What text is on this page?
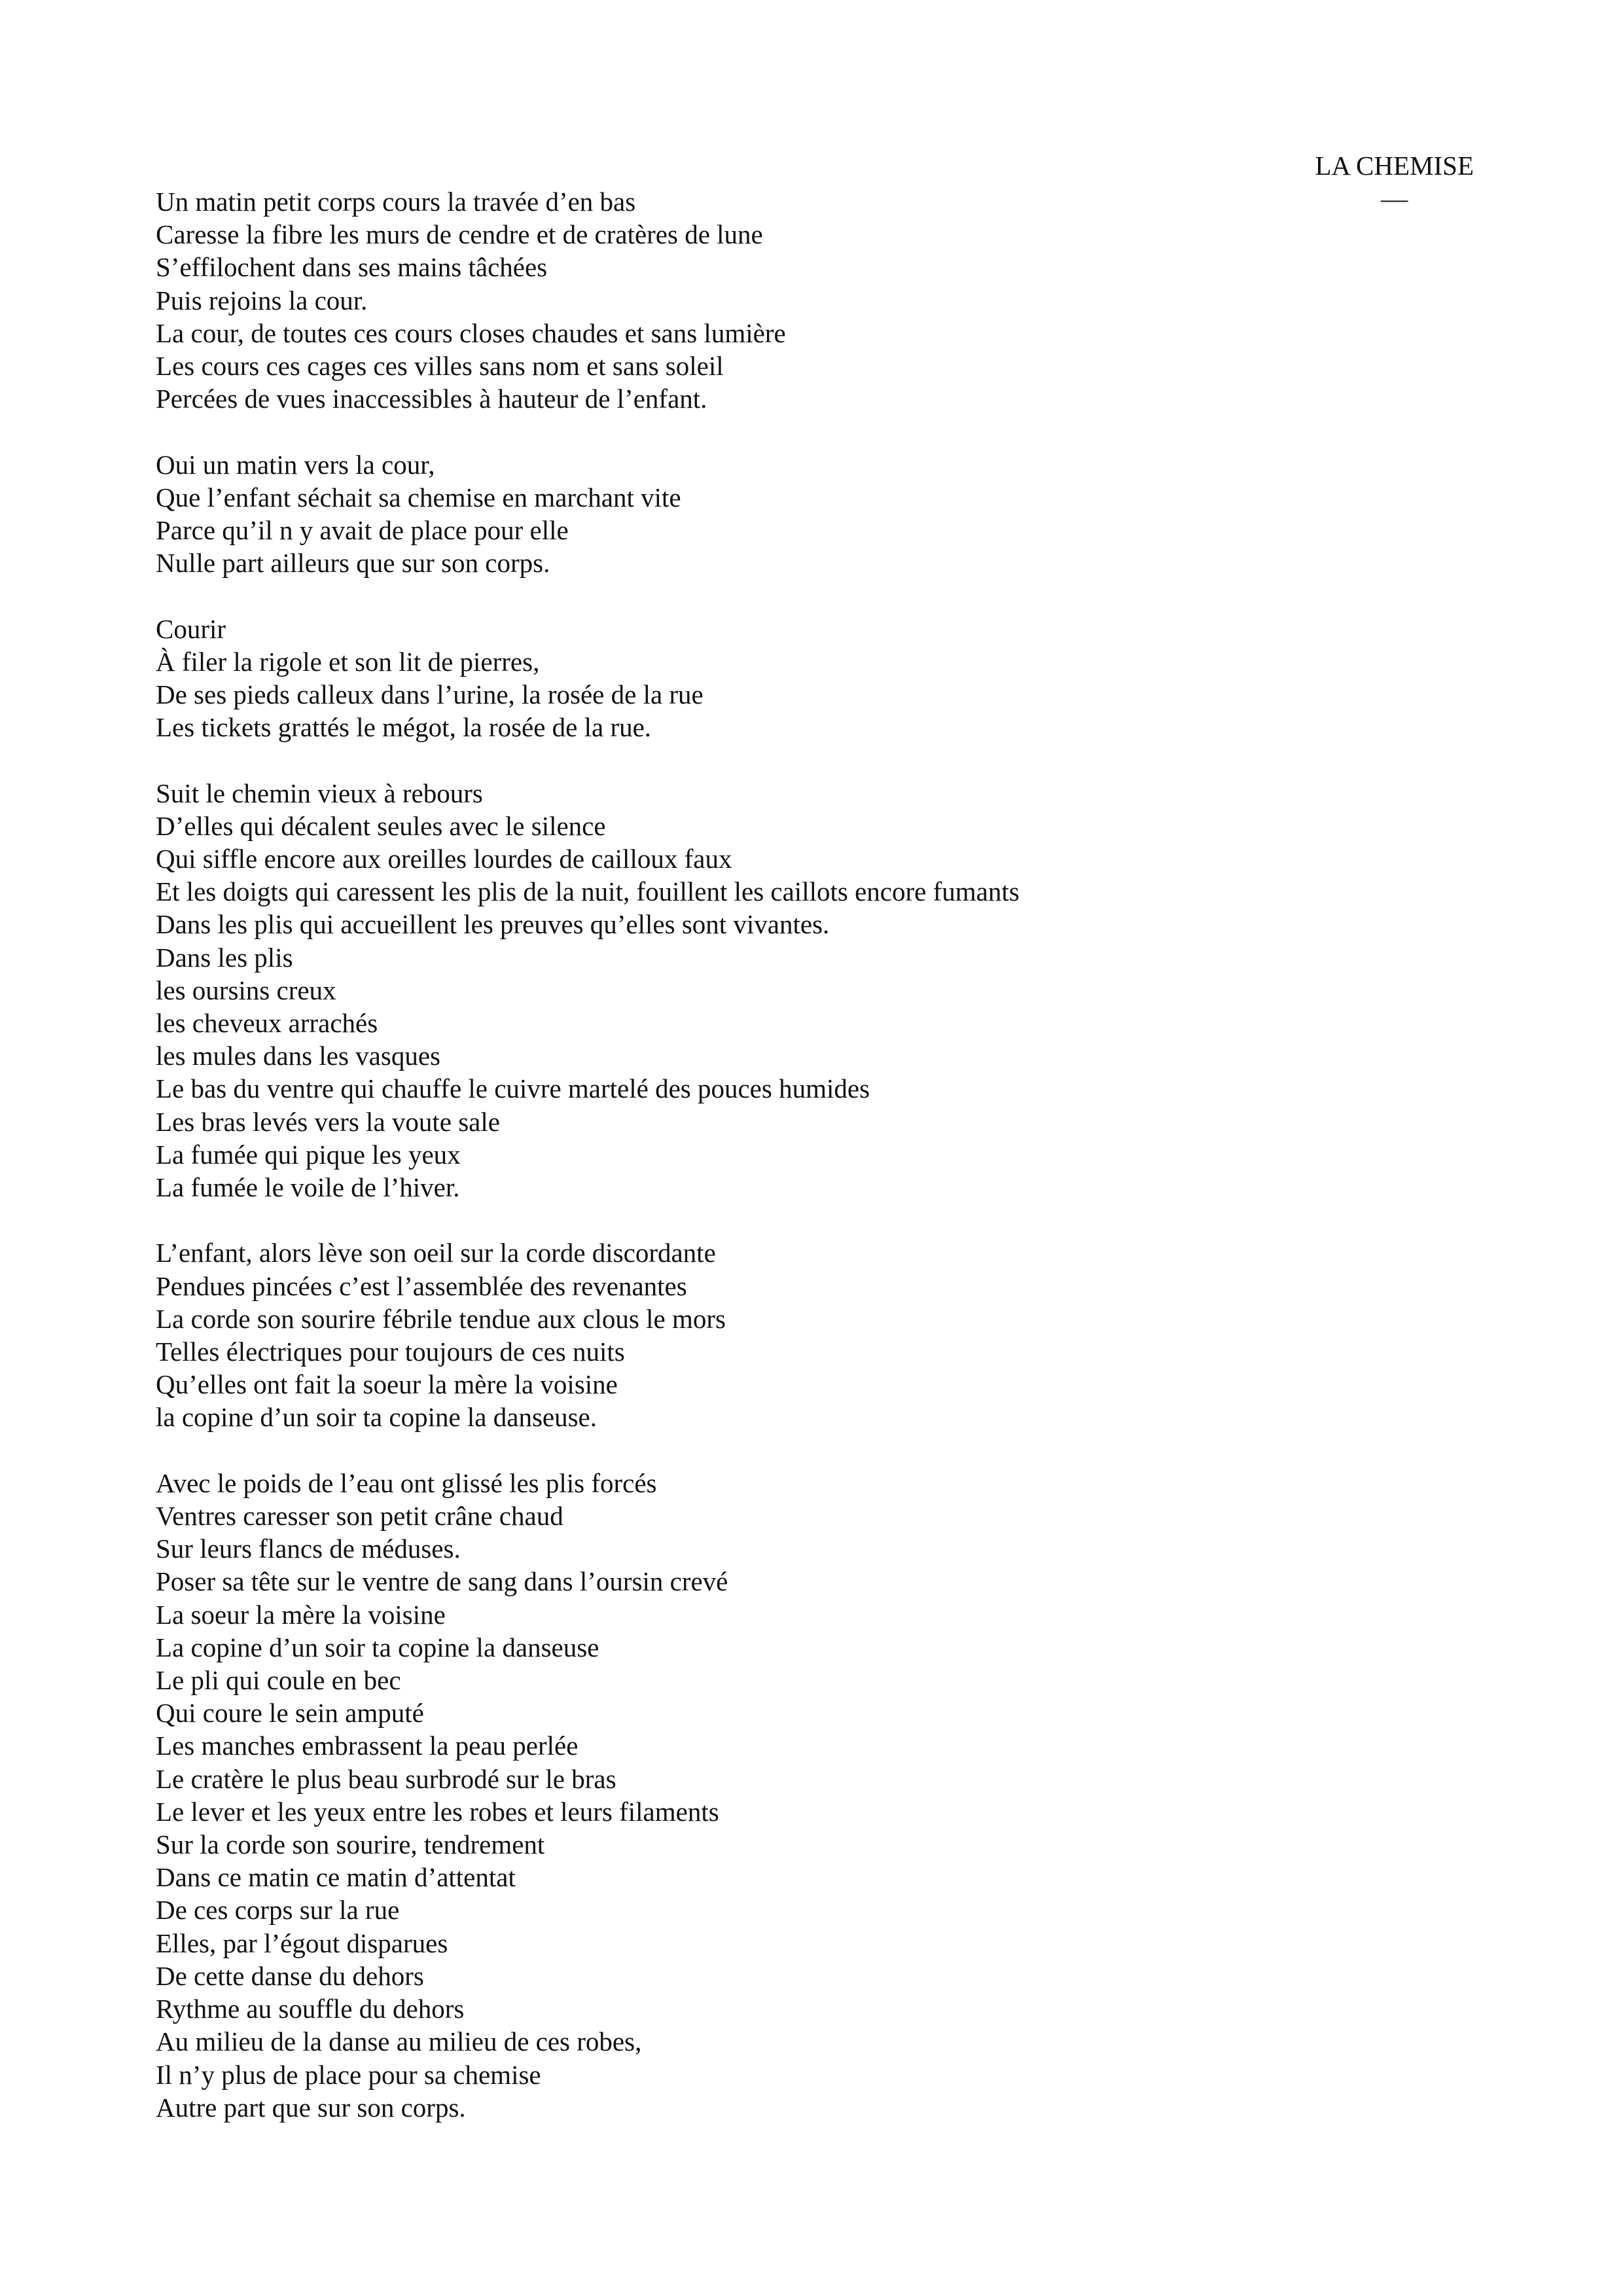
LA CHEMISE
—
Un matin petit corps cours la travée d’en bas
Caresse la fibre les murs de cendre et de cratères de lune
S’effilochent dans ses mains tâchées
Puis rejoins la cour.
La cour, de toutes ces cours closes chaudes et sans lumière
Les cours ces cages ces villes sans nom et sans soleil
Percées de vues inaccessibles à hauteur de l’enfant.
Oui un matin vers la cour,
Que l’enfant séchait sa chemise en marchant vite
Parce qu’il n y avait de place pour elle
Nulle part ailleurs que sur son corps.
Courir
À filer la rigole et son lit de pierres,
De ses pieds calleux dans l’urine, la rosée de la rue
Les tickets grattés le mégot, la rosée de la rue.
Suit le chemin vieux à rebours
D’elles qui décalent seules avec le silence
Qui siffle encore aux oreilles lourdes de cailloux faux
Et les doigts qui caressent les plis de la nuit, fouillent les caillots encore fumants
Dans les plis qui accueillent les preuves qu’elles sont vivantes.
Dans les plis
les oursins creux
les cheveux arrachés
les mules dans les vasques
Le bas du ventre qui chauffe le cuivre martelé des pouces humides
Les bras levés vers la voute sale
La fumée qui pique les yeux
La fumée le voile de l’hiver.
L’enfant, alors lève son oeil sur la corde discordante
Pendues pincées c’est l’assemblée des revenantes
La corde son sourire fébrile tendue aux clous le mors
Telles électriques pour toujours de ces nuits
Qu’elles ont fait la soeur la mère la voisine
la copine d’un soir ta copine la danseuse.
Avec le poids de l’eau ont glissé les plis forcés
Ventres caresser son petit crâne chaud
Sur leurs flancs de méduses.
Poser sa tête sur le ventre de sang dans l’oursin crevé
La soeur la mère la voisine
La copine d’un soir ta copine la danseuse
Le pli qui coule en bec
Qui coure le sein amputé
Les manches embrassent la peau perlée
Le cratère le plus beau surbrodé sur le bras
Le lever et les yeux entre les robes et leurs filaments
Sur la corde son sourire, tendrement
Dans ce matin ce matin d’attentat
De ces corps sur la rue
Elles, par l’égout disparues
De cette danse du dehors
Rythme au souffle du dehors
Au milieu de la danse au milieu de ces robes,
Il n’y plus de place pour sa chemise
Autre part que sur son corps.
